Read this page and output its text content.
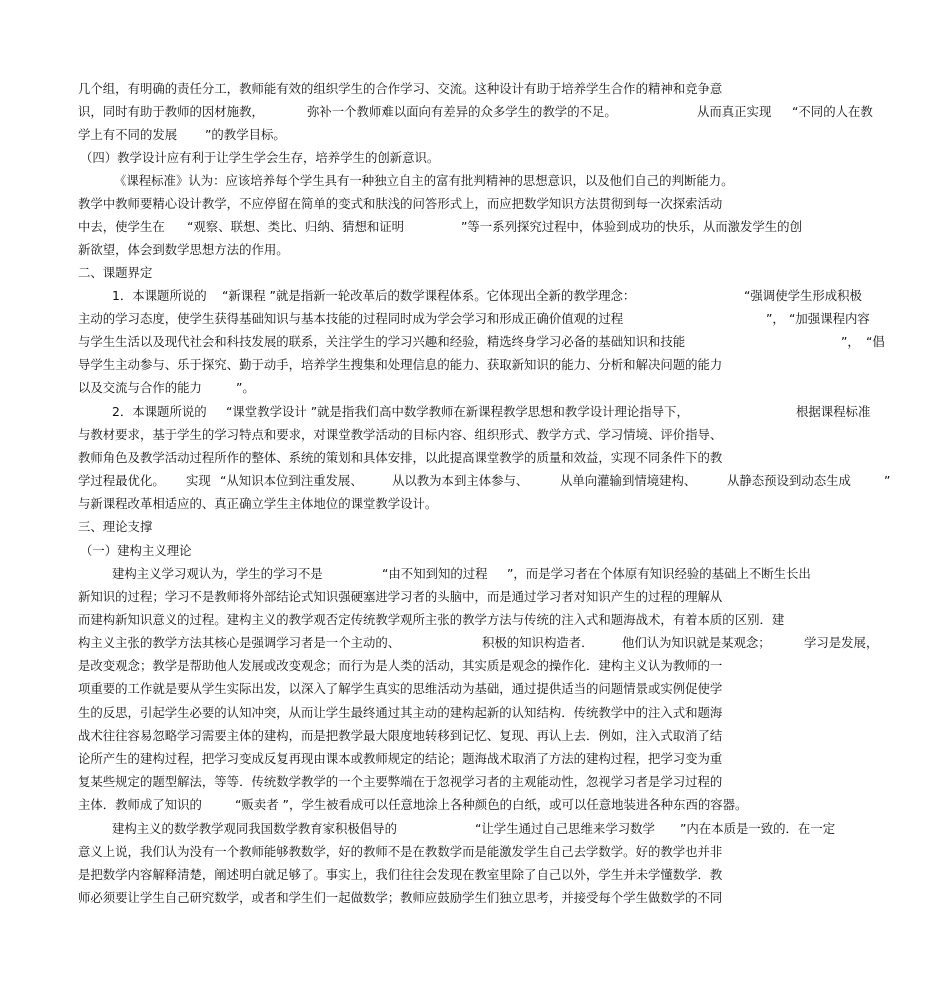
几个组，有明确的责任分工，教师能有效的组织学生的合作学习、交流。这种设计有助于培养学生合作的精神和竞争意
识，同时有助于教师的因材施教，	弥补一个教师难以面向有差异的众多学生的教学的不足。	从而真正实现 “不同的人在教
学上有不同的发展 ”的教学目标。
（四）教学设计应有利于让学生学会生存，培养学生的创新意识。
《课程标准》认为：应该培养每个学生具有一种独立自主的富有批判精神的思想意识，以及他们自己的判断能力。
教学中教师要精心设计教学，不应停留在简单的变式和肤浅的问答形式上，而应把数学知识方法贯彻到每一次探索活动
中去，使学生在 “观察、联想、类比、归纳、猜想和证明	”等一系列探究过程中，体验到成功的快乐，从而激发学生的创
新欲望，体会到数学思想方法的作用。
二、课题界定
1．本课题所说的 “新课程 ”就是指新一轮改革后的数学课程体系。它体现出全新的教学理念：	“强调使学生形成积极
主动的学习态度，使学生获得基础知识与基本技能的过程同时成为学会学习和形成正确价值观的过程	”， “加强课程内容
与学生生活以及现代社会和科技发展的联系，关注学生的学习兴趣和经验，精选终身学习必备的基础知识和技能	”， “倡
导学生主动参与、乐于探究、勤于动手，培养学生搜集和处理信息的能力、获取新知识的能力、分析和解决问题的能力
以及交流与合作的能力	”。
2．本课题所说的 “课堂教学设计 ”就是指我们高中数学教师在新课程教学思想和教学设计理论指导下，	根据课程标准
与教材要求，基于学生的学习特点和要求，对课堂教学活动的目标内容、组织形式、教学方式、学习情境、评价指导、
教师角色及教学活动过程所作的整体、系统的策划和具体安排，以此提高课堂教学的质量和效益，实现不同条件下的教
学过程最优化。 实现 “从知识本位到注重发展、 从以教为本到主体参与、	从单向灌输到情境建构、 从静态预设到动态生成	”
与新课程改革相适应的、真正确立学生主体地位的课堂教学设计。
三、理论支撑
（一）建构主义理论
建构主义学习观认为，学生的学习不是	“由不知到知的过程 ”，而是学习者在个体原有知识经验的基础上不断生长出
新知识的过程；学习不是教师将外部结论式知识强硬塞进学习者的头脑中，而是通过学习者对知识产生的过程的理解从
而建构新知识意义的过程。建构主义的教学观否定传统教学观所主张的教学方法与传统的注入式和题海战术，有着本质的区别．建
构主义主张的教学方法其核心是强调学习者是一个主动的、	积极的知识构造者． 他们认为知识就是某观念；	学习是发展，
是改变观念；教学是帮助他人发展或改变观念；而行为是人类的活动，其实质是观念的操作化．建构主义认为教师的一
项重要的工作就是要从学生实际出发，以深入了解学生真实的思维活动为基础，通过提供适当的问题情景或实例促使学
生的反思，引起学生必要的认知冲突，从而让学生最终通过其主动的建构起新的认知结构．传统教学中的注入式和题海
战术往往容易忽略学习需要主体的建构，而是把教学最大限度地转移到记忆、复现、再认上去．例如，注入式取消了结
论所产生的建构过程，把学习变成反复再现由课本或教师规定的结论；题海战术取消了方法的建构过程，把学习变为重
复某些规定的题型解法，等等．传统数学教学的一个主要弊端在于忽视学习者的主观能动性，忽视学习者是学习过程的
主体．教师成了知识的	“贩卖者 ”，学生被看成可以任意地涂上各种颜色的白纸，或可以任意地装进各种东西的容器。
建构主义的数学教学观同我国数学教育家积极倡导的	“让学生通过自己思维来学习数学 ”内在本质是一致的．在一定
意义上说，我们认为没有一个教师能够教数学，好的教师不是在教数学而是能激发学生自己去学数学。好的教学也并非
是把数学内容解释清楚，阐述明白就足够了。事实上，我们往往会发现在教室里除了自己以外，学生并未学懂数学．教
师必须要让学生自己研究数学，或者和学生们一起做数学；教师应鼓励学生们独立思考，并接受每个学生做数学的不同
